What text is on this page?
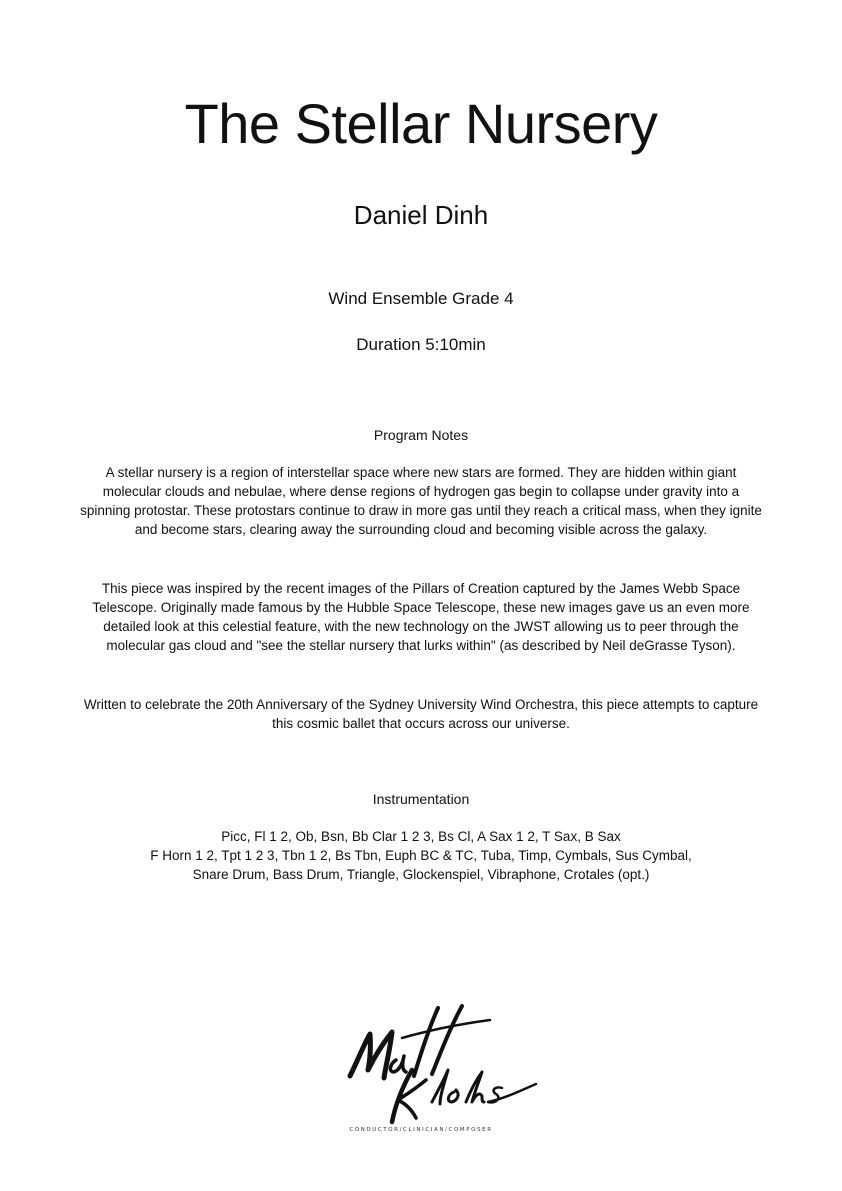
The Stellar Nursery
Daniel Dinh

Wind Ensemble Grade 4

Duration 5:10min

Program Notes

A stellar nursery is a region of interstellar space where new stars are formed. They are hidden within giant molecular clouds and nebulae, where dense regions of hydrogen gas begin to collapse under gravity into a spinning protostar. These protostars continue to draw in more gas until they reach a critical mass, when they ignite and become stars, clearing away the surrounding cloud and becoming visible across the galaxy.

This piece was inspired by the recent images of the Pillars of Creation captured by the James Webb Space Telescope. Originally made famous by the Hubble Space Telescope, these new images gave us an even more detailed look at this celestial feature, with the new technology on the JWST allowing us to peer through the molecular gas cloud and "see the stellar nursery that lurks within" (as described by Neil deGrasse Tyson).

Written to celebrate the 20th Anniversary of the Sydney University Wind Orchestra, this piece attempts to capture this cosmic ballet that occurs across our universe.

Instrumentation

Picc, Fl 1 2, Ob, Bsn, Bb Clar 1 2 3, Bs Cl, A Sax 1 2, T Sax, B Sax

F Horn 1 2, Tpt 1 2 3, Tbn 1 2, Bs Tbn, Euph BC & TC, Tuba, Timp, Cymbals, Sus Cymbal,

Snare Drum, Bass Drum, Triangle, Glockenspiel, Vibraphone, Crotales (opt.)

CONDUCTOR/CLINICIAN/COMPOSER
